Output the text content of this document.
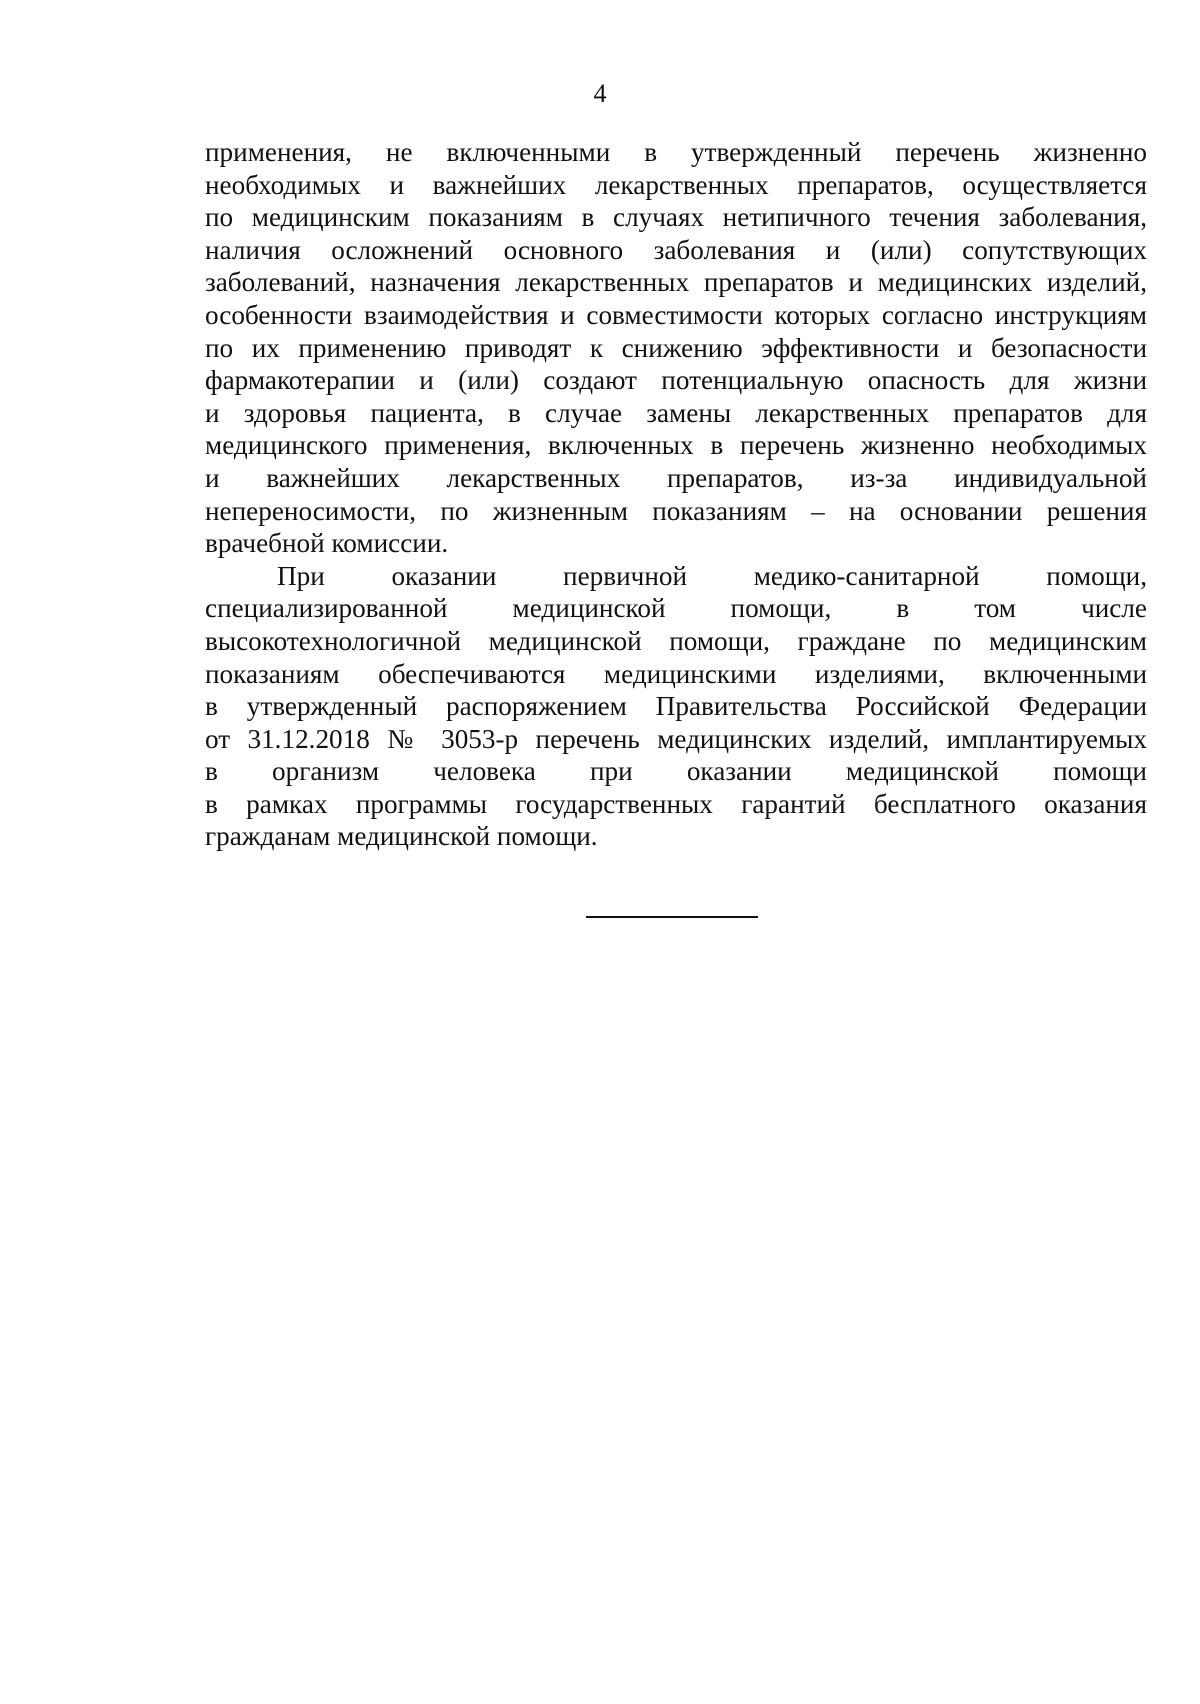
4
применения, не включенными в утвержденный перечень жизненно
необходимых и важнейших лекарственных препаратов, осуществляется
по медицинским показаниям в случаях нетипичного течения заболевания,
наличия осложнений основного заболевания и (или) сопутствующих
заболеваний, назначения лекарственных препаратов и медицинских изделий,
особенности взаимодействия и совместимости которых согласно инструкциям
по их применению приводят к снижению эффективности и безопасности
фармакотерапии и (или) создают потенциальную опасность для жизни
и здоровья пациента, в случае замены лекарственных препаратов для
медицинского применения, включенных в перечень жизненно необходимых
и важнейших лекарственных препаратов, из-за индивидуальной
непереносимости, по жизненным показаниям – на основании решения
врачебной комиссии.
При оказании первичной медико-санитарной помощи,
специализированной медицинской помощи, в том числе
высокотехнологичной медицинской помощи, граждане по медицинским
показаниям обеспечиваются медицинскими изделиями, включенными
в утвержденный распоряжением Правительства Российской Федерации
от 31.12.2018 № 3053-р перечень медицинских изделий, имплантируемых
в организм человека при оказании медицинской помощи
в рамках программы государственных гарантий бесплатного оказания
гражданам медицинской помощи.
